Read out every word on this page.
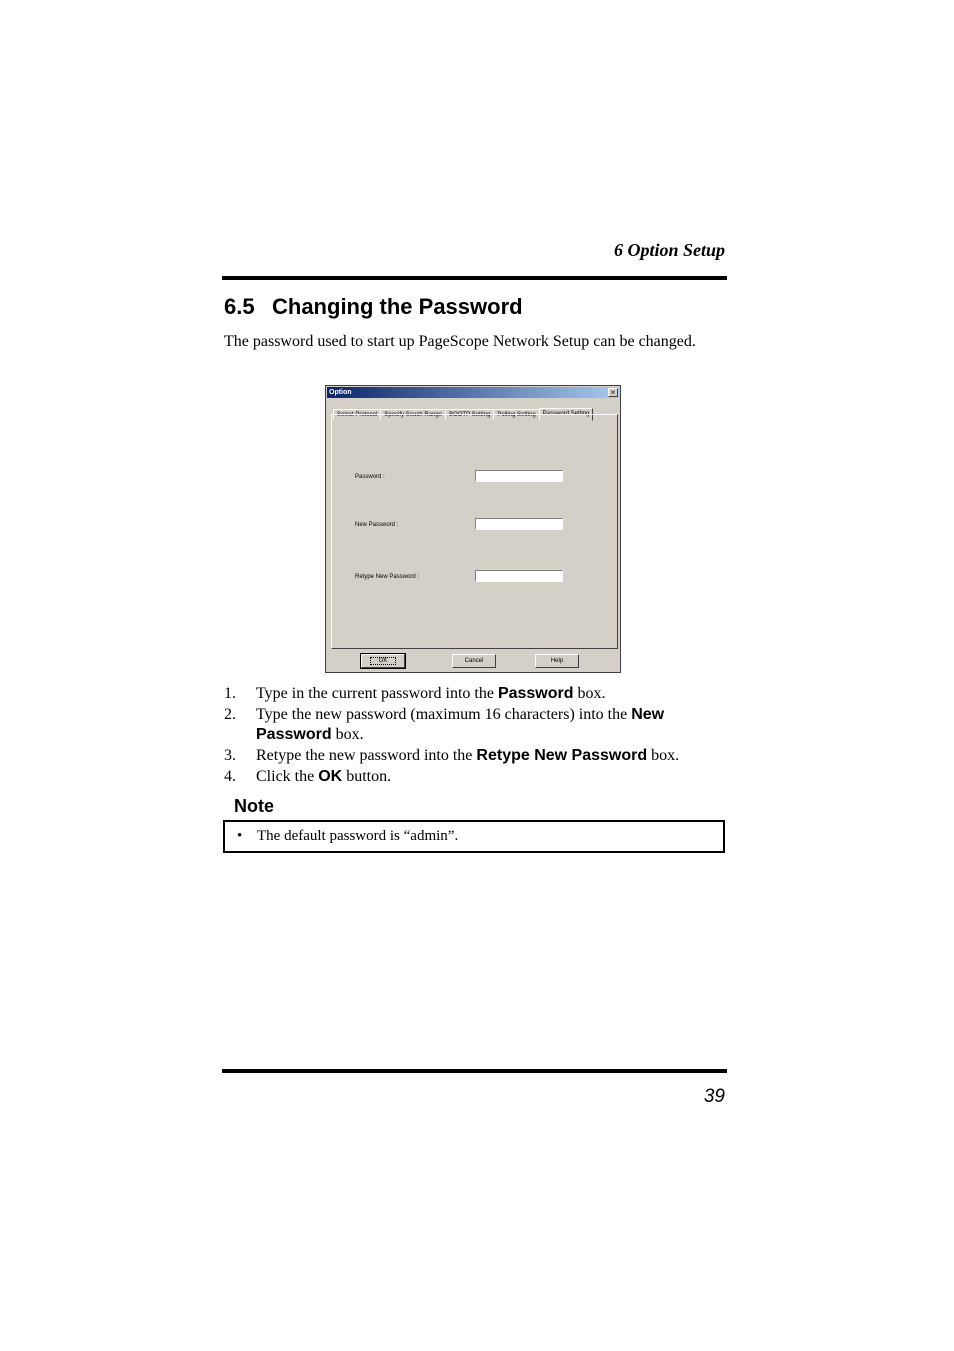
6 Option Setup
6.5 Changing the Password
The password used to start up PageScope Network Setup can be changed.
Option	×
Select Protocol Specify Seach Range BOOTP Setting Polling Setting Password Setting
Password :
New Password :
Retype New Password :
OK	Cancel	Help
1. Type in the current password into the Password box.
2. Type the new password (maximum 16 characters) into the New Password box.
3. Retype the new password into the Retype New Password box.
4. Click the OK button.
Note
• The default password is “admin”.
39
